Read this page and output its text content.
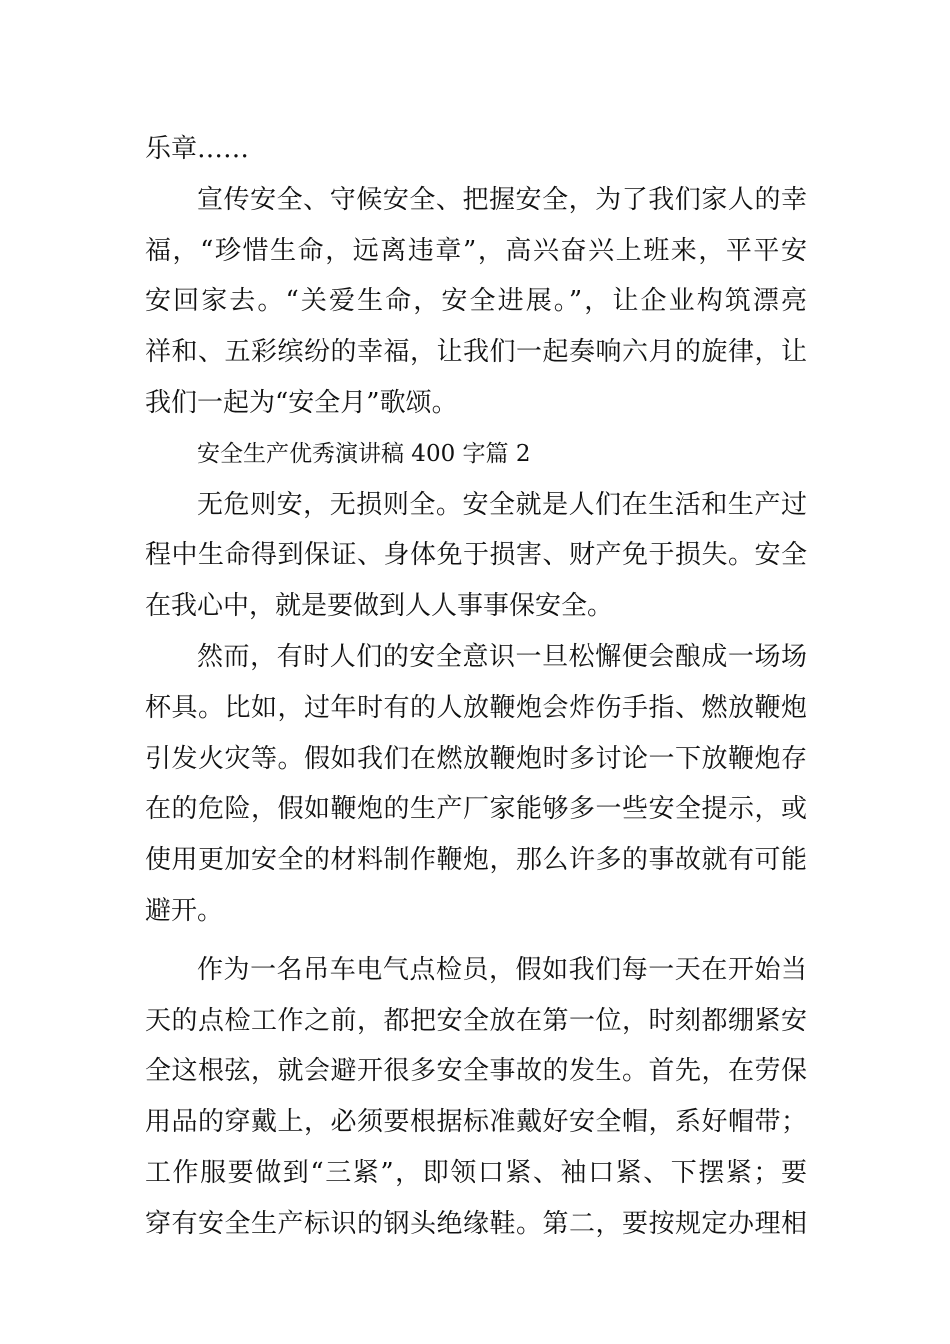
乐章……
宣传安全、守候安全、把握安全，为了我们家人的幸
福，“珍惜生命，远离违章”，高兴奋兴上班来，平平安
安回家去。“关爱生命，安全进展。”，让企业构筑漂亮
祥和、五彩缤纷的幸福，让我们一起奏响六月的旋律，让
我们一起为“安全月”歌颂。
安全生产优秀演讲稿 400 字篇 2
无危则安，无损则全。安全就是人们在生活和生产过
程中生命得到保证、身体免于损害、财产免于损失。安全
在我心中，就是要做到人人事事保安全。
然而，有时人们的安全意识一旦松懈便会酿成一场场
杯具。比如，过年时有的人放鞭炮会炸伤手指、燃放鞭炮
引发火灾等。假如我们在燃放鞭炮时多讨论一下放鞭炮存
在的危险，假如鞭炮的生产厂家能够多一些安全提示，或
使用更加安全的材料制作鞭炮，那么许多的事故就有可能
避开。
作为一名吊车电气点检员，假如我们每一天在开始当
天的点检工作之前，都把安全放在第一位，时刻都绷紧安
全这根弦，就会避开很多安全事故的发生。首先，在劳保
用品的穿戴上，必须要根据标准戴好安全帽，系好帽带；
工作服要做到“三紧”，即领口紧、袖口紧、下摆紧；要
穿有安全生产标识的钢头绝缘鞋。第二，要按规定办理相
